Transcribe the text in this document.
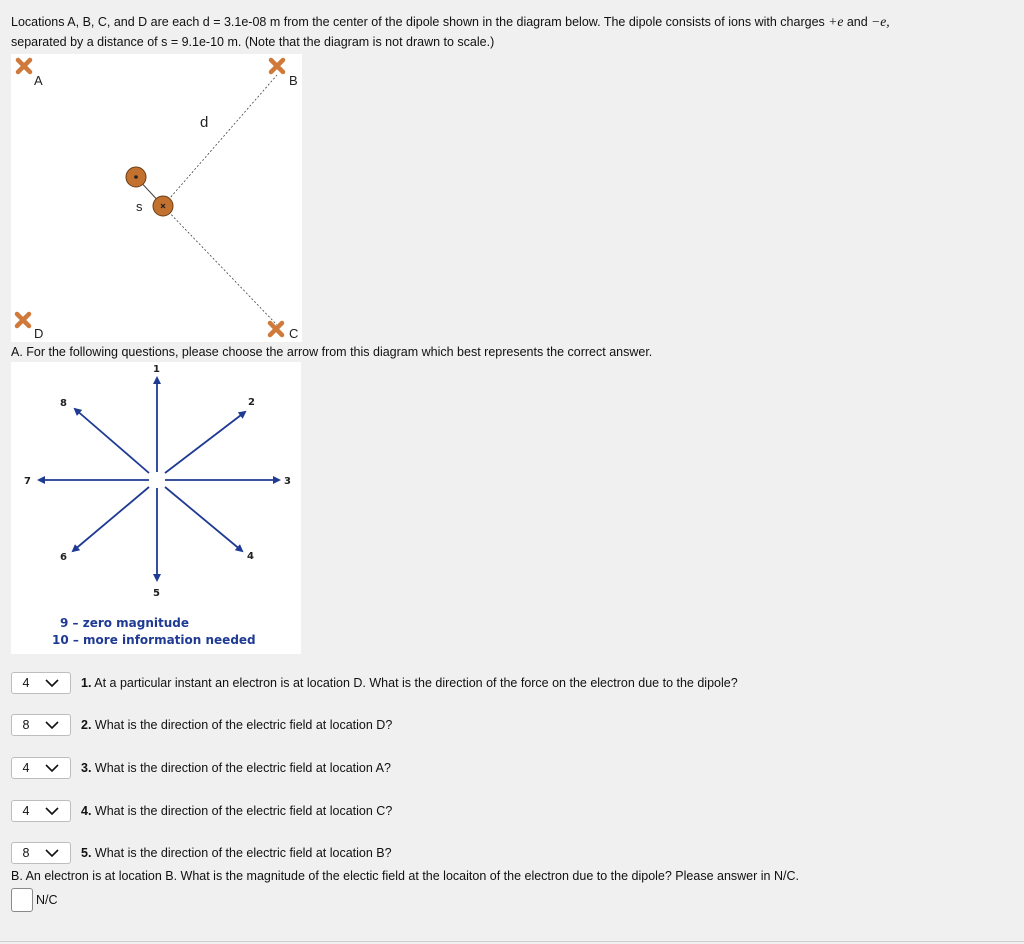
Locations A, B, C, and D are each d = 3.1e-08 m from the center of the dipole shown in the diagram below. The dipole consists of ions with charges +e and −e,
separated by a distance of s = 9.1e-10 m. (Note that the diagram is not drawn to scale.)
A	B
D	C
d
s
A. For the following questions, please choose the arrow from this diagram which best represents the correct answer.
1
2
3
4
5
6
7
8
9 – zero magnitude
10 – more information needed
4	1. At a particular instant an electron is at location D. What is the direction of the force on the electron due to the dipole?
8	2. What is the direction of the electric field at location D?
4	3. What is the direction of the electric field at location A?
4	4. What is the direction of the electric field at location C?
8	5. What is the direction of the electric field at location B?
B. An electron is at location B. What is the magnitude of the electic field at the locaiton of the electron due to the dipole? Please answer in N/C.
N/C
